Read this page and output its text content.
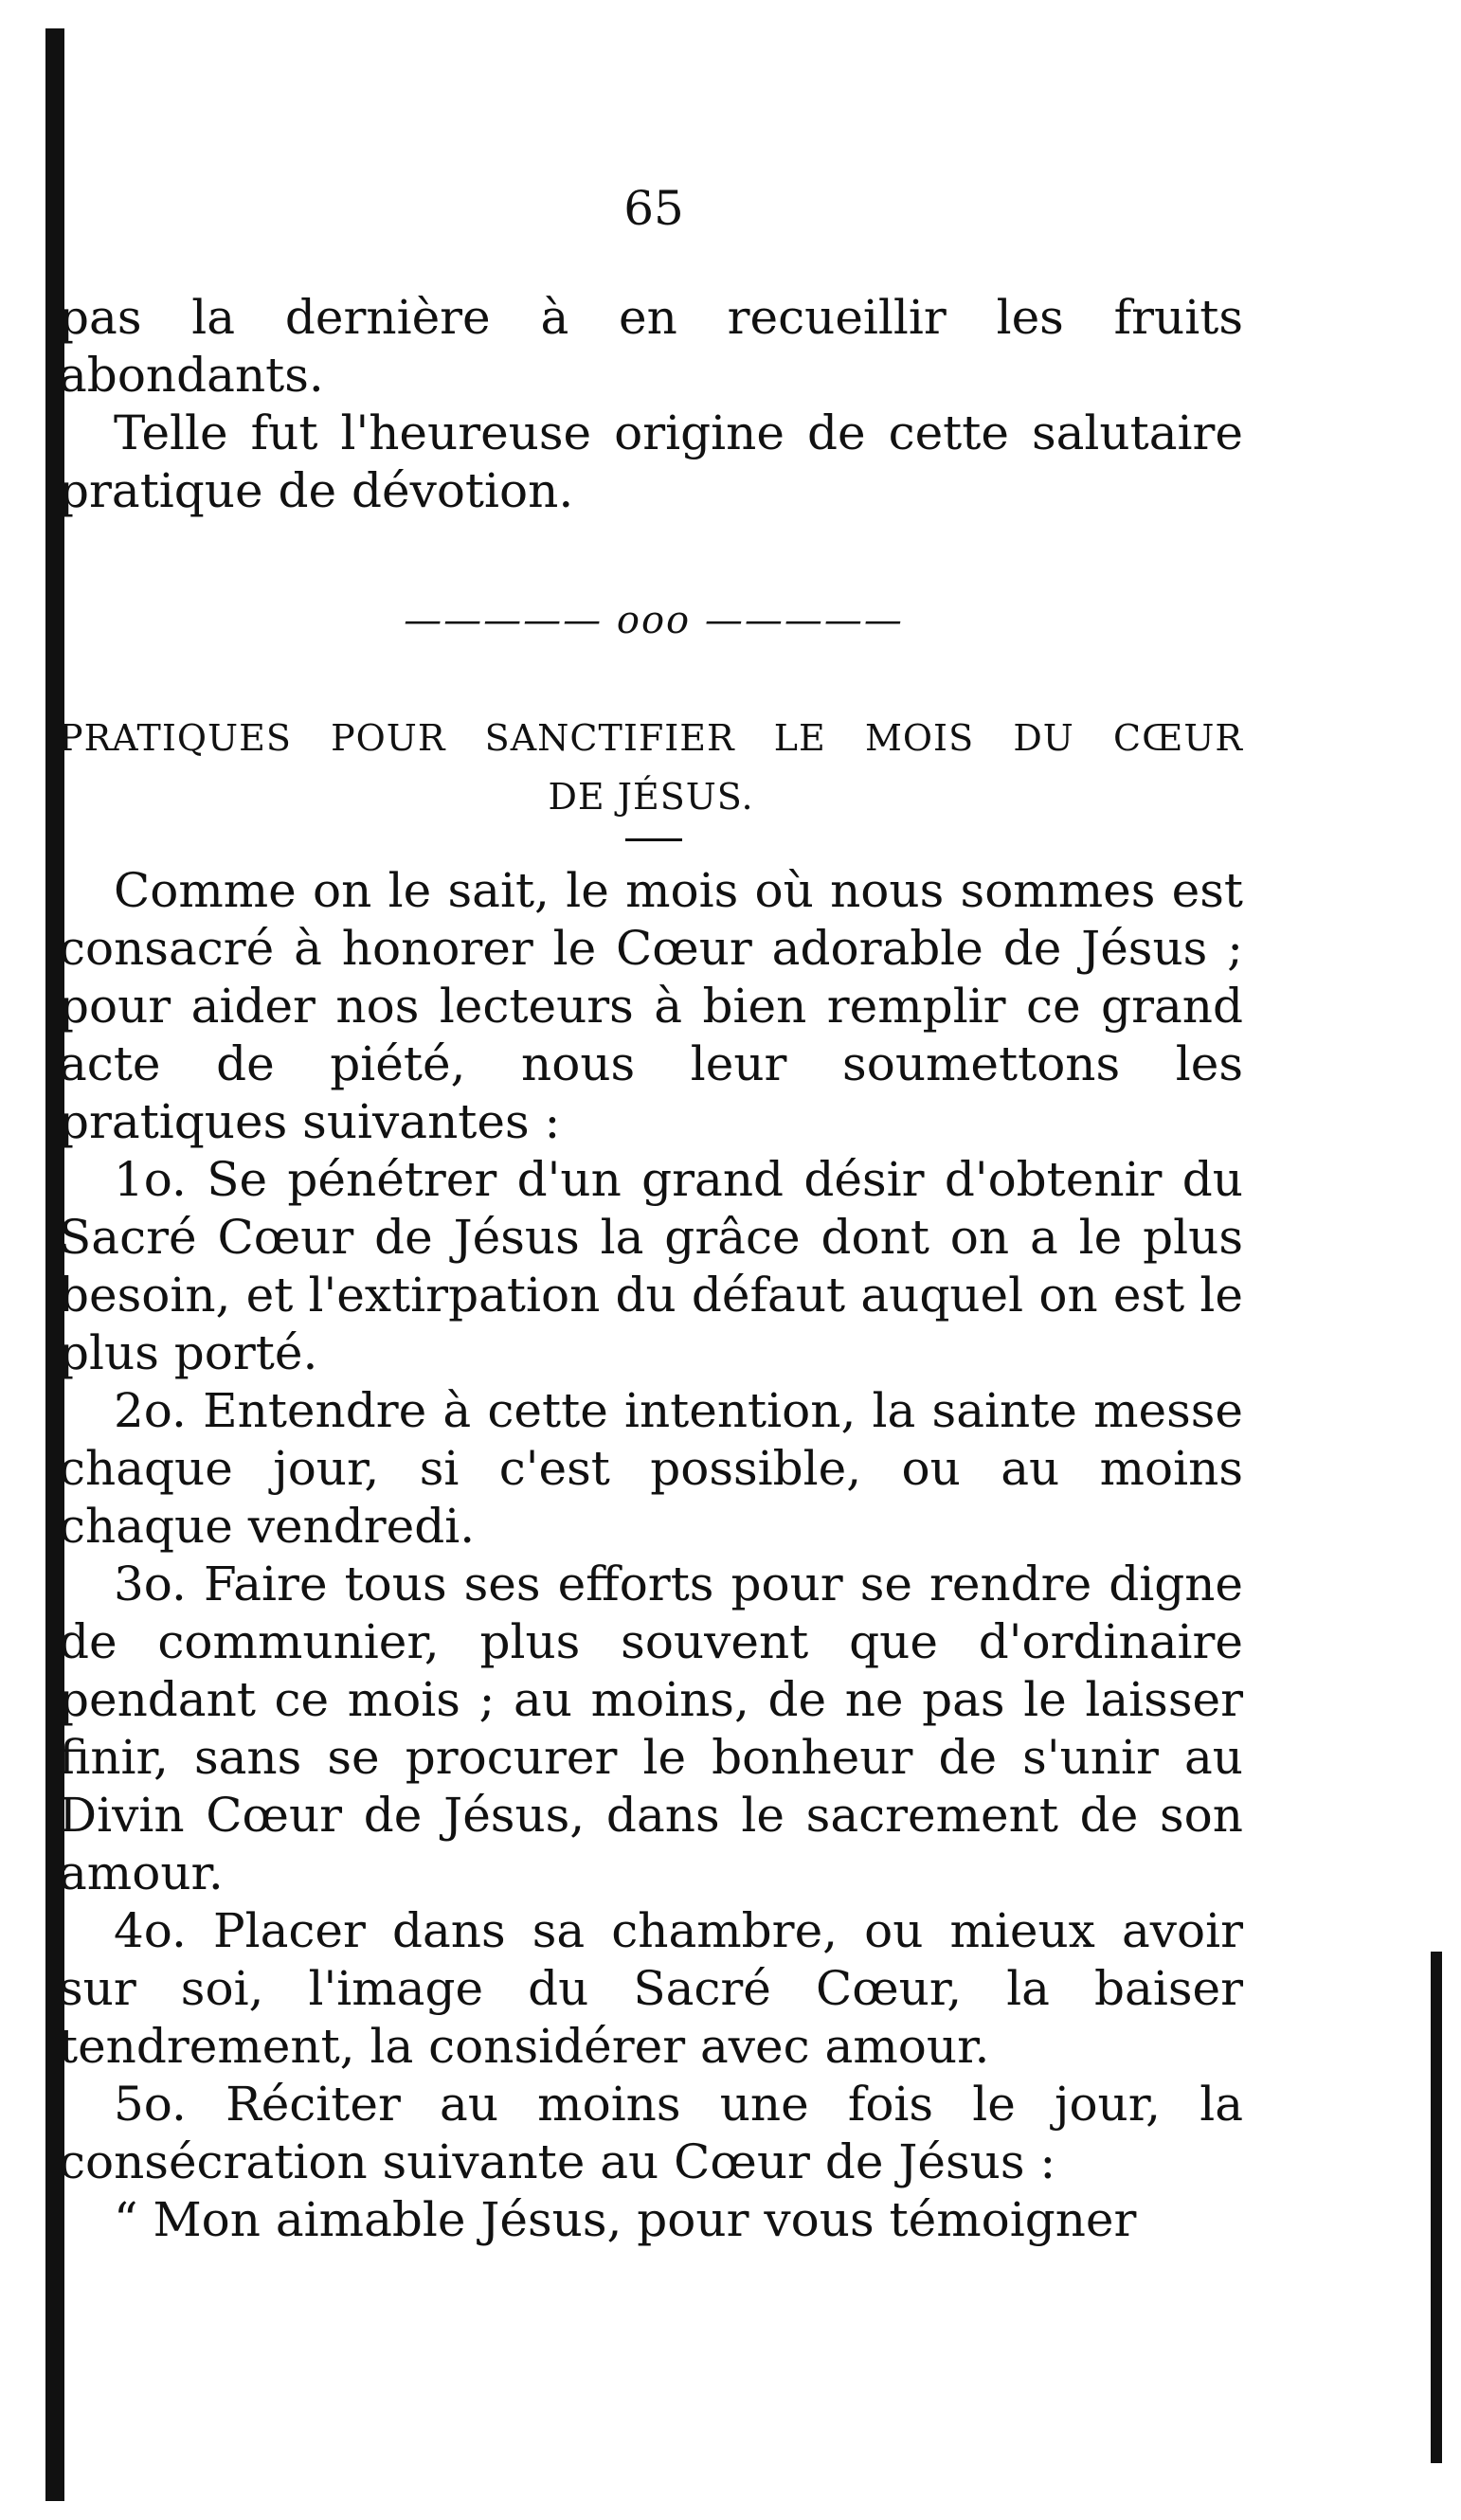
65

pas la dernière à en recueillir les fruits abondants.

Telle fut l'heureuse origine de cette salutaire pratique de dévotion.

————— ooo —————
PRATIQUES POUR SANCTIFIER LE MOIS DU CŒUR
DE JÉSUS.

Comme on le sait, le mois où nous sommes est consacré à honorer le Cœur adorable de Jésus ; pour aider nos lecteurs à bien remplir ce grand acte de piété, nous leur soumettons les pratiques suivantes :

1o. Se pénétrer d'un grand désir d'obtenir du Sacré Cœur de Jésus la grâce dont on a le plus besoin, et l'extirpation du défaut auquel on est le plus porté.

2o. Entendre à cette intention, la sainte messe chaque jour, si c'est possible, ou au moins chaque vendredi.

3o. Faire tous ses efforts pour se rendre digne de communier, plus souvent que d'ordinaire pendant ce mois ; au moins, de ne pas le laisser finir, sans se procurer le bonheur de s'unir au Divin Cœur de Jésus, dans le sacrement de son amour.

4o. Placer dans sa chambre, ou mieux avoir sur soi, l'image du Sacré Cœur, la baiser tendrement, la considérer avec amour.

5o. Réciter au moins une fois le jour, la consécration suivante au Cœur de Jésus :

“ Mon aimable Jésus, pour vous témoigner
